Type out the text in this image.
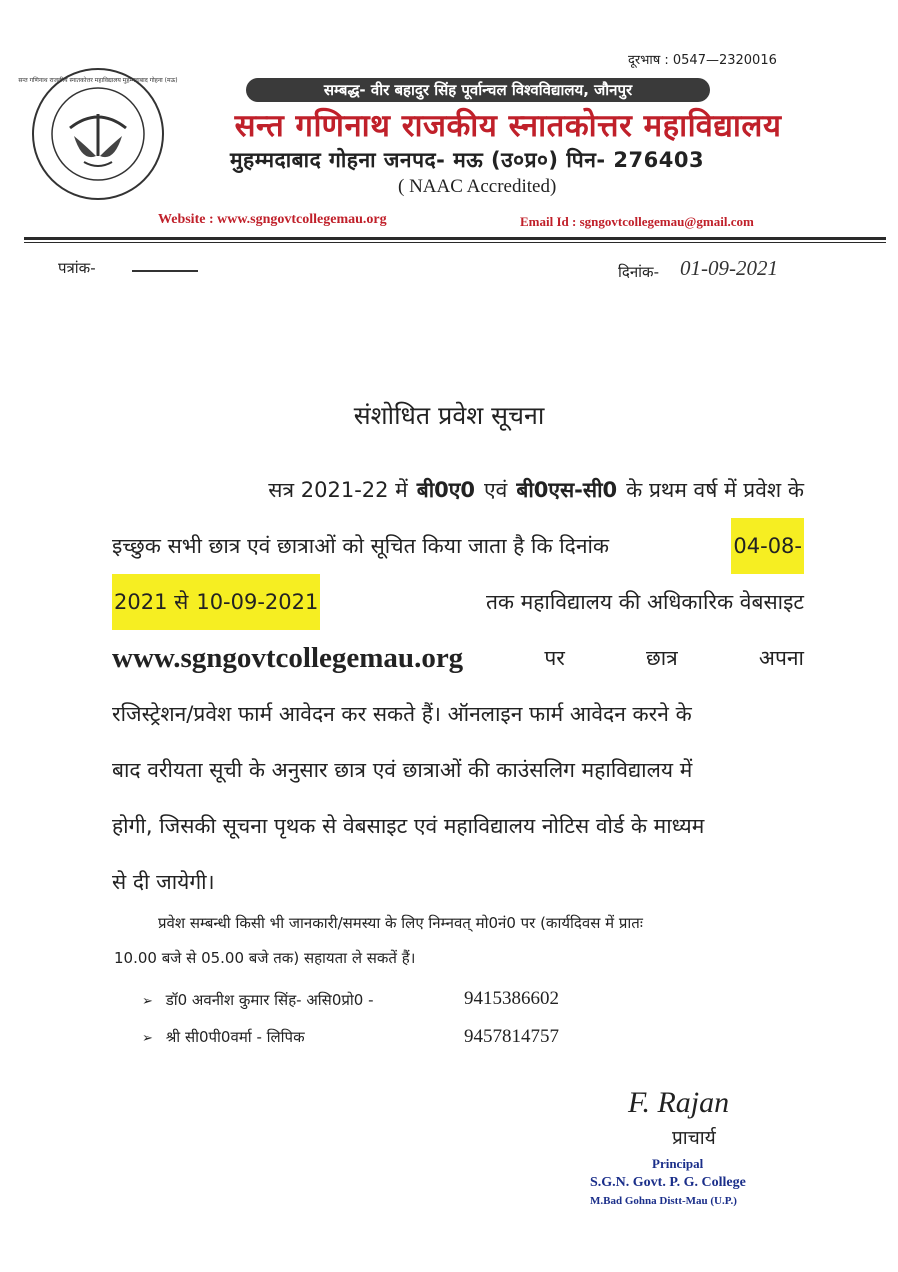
सन्त गणिनाथ राजकीय स्नातकोत्तर महाविद्यालय मुहम्मदाबाद गोहना (मऊ)
दूरभाष : 0547—2320016
सम्बद्ध- वीर बहादुर सिंह पूर्वान्चल विश्वविद्यालय, जौनपुर
सन्त गणिनाथ राजकीय स्नातकोत्तर महाविद्यालय
मुहम्मदाबाद गोहना जनपद- मऊ (उ०प्र०) पिन- 276403
( NAAC Accredited)
Website : www.sgngovtcollegemau.org	Email Id : sgngovtcollegemau@gmail.com
पत्रांक-	दिनांक- 01-09-2021
संशोधित प्रवेश सूचना
सत्र 2021-22 में बी0ए0 एवं बी0एस-सी0 के प्रथम वर्ष में प्रवेश के
इच्छुक सभी छात्र एवं छात्राओं को सूचित किया जाता है कि दिनांक	04-08-
2021 से 10-09-2021	तक महाविद्यालय की अधिकारिक वेबसाइट
www.sgngovtcollegemau.org	पर	छात्र	अपना
रजिस्ट्रेशन/प्रवेश फार्म आवेदन कर सकते हैं। ऑनलाइन फार्म आवेदन करने के
बाद वरीयता सूची के अनुसार छात्र एवं छात्राओं की काउंसलिग महाविद्यालय में
होगी, जिसकी सूचना पृथक से वेबसाइट एवं महाविद्यालय नोटिस वोर्ड के माध्यम
से दी जायेगी।
प्रवेश सम्बन्धी किसी भी जानकारी/समस्या के लिए निम्नवत् मो0नं0 पर (कार्यदिवस में प्रातः
10.00 बजे से 05.00 बजे तक) सहायता ले सकतें हैं।
➢ डॉ0 अवनीश कुमार सिंह- असि0प्रो0 -	9415386602
➢ श्री सी0पी0वर्मा - लिपिक	9457814757
F. Rajan
प्राचार्य
Principal
S.G.N. Govt. P. G. College
M.Bad Gohna Distt-Mau (U.P.)
